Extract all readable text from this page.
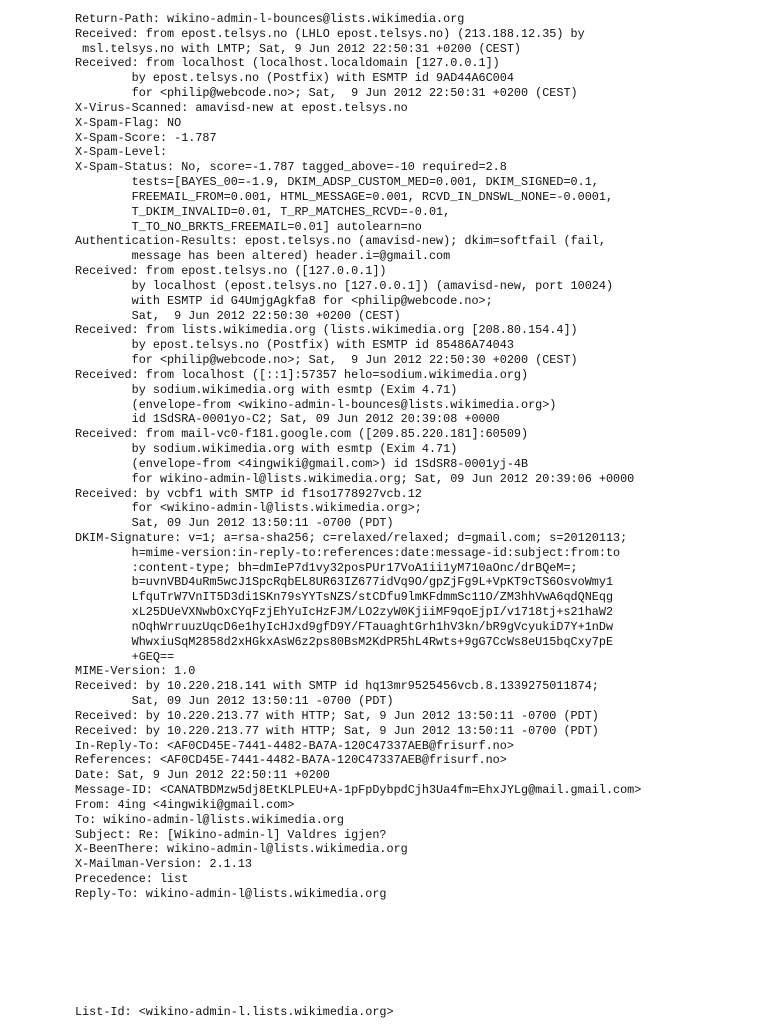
Return-Path: wikino-admin-l-bounces@lists.wikimedia.org
Received: from epost.telsys.no (LHLO epost.telsys.no) (213.188.12.35) by
msl.telsys.no with LMTP; Sat, 9 Jun 2012 22:50:31 +0200 (CEST)
Received: from localhost (localhost.localdomain [127.0.0.1])
by epost.telsys.no (Postfix) with ESMTP id 9AD44A6C004
for <philip@webcode.no>; Sat,  9 Jun 2012 22:50:31 +0200 (CEST)
X-Virus-Scanned: amavisd-new at epost.telsys.no
X-Spam-Flag: NO
X-Spam-Score: -1.787
X-Spam-Level:
X-Spam-Status: No, score=-1.787 tagged_above=-10 required=2.8
tests=[BAYES_00=-1.9, DKIM_ADSP_CUSTOM_MED=0.001, DKIM_SIGNED=0.1,
FREEMAIL_FROM=0.001, HTML_MESSAGE=0.001, RCVD_IN_DNSWL_NONE=-0.0001,
T_DKIM_INVALID=0.01, T_RP_MATCHES_RCVD=-0.01,
T_TO_NO_BRKTS_FREEMAIL=0.01] autolearn=no
Authentication-Results: epost.telsys.no (amavisd-new); dkim=softfail (fail,
message has been altered) header.i=@gmail.com
Received: from epost.telsys.no ([127.0.0.1])
by localhost (epost.telsys.no [127.0.0.1]) (amavisd-new, port 10024)
with ESMTP id G4UmjgAgkfa8 for <philip@webcode.no>;
Sat,  9 Jun 2012 22:50:30 +0200 (CEST)
Received: from lists.wikimedia.org (lists.wikimedia.org [208.80.154.4])
by epost.telsys.no (Postfix) with ESMTP id 85486A74043
for <philip@webcode.no>; Sat,  9 Jun 2012 22:50:30 +0200 (CEST)
Received: from localhost ([::1]:57357 helo=sodium.wikimedia.org)
by sodium.wikimedia.org with esmtp (Exim 4.71)
(envelope-from <wikino-admin-l-bounces@lists.wikimedia.org>)
id 1SdSRA-0001yo-C2; Sat, 09 Jun 2012 20:39:08 +0000
Received: from mail-vc0-f181.google.com ([209.85.220.181]:60509)
by sodium.wikimedia.org with esmtp (Exim 4.71)
(envelope-from <4ingwiki@gmail.com>) id 1SdSR8-0001yj-4B
for wikino-admin-l@lists.wikimedia.org; Sat, 09 Jun 2012 20:39:06 +0000
Received: by vcbf1 with SMTP id f1so1778927vcb.12
for <wikino-admin-l@lists.wikimedia.org>;
Sat, 09 Jun 2012 13:50:11 -0700 (PDT)
DKIM-Signature: v=1; a=rsa-sha256; c=relaxed/relaxed; d=gmail.com; s=20120113;
h=mime-version:in-reply-to:references:date:message-id:subject:from:to
:content-type; bh=dmIeP7d1vy32posPUr17VoA1ii1yM710aOnc/drBQeM=;
b=uvnVBD4uRm5wcJ1SpcRqbEL8UR63IZ677idVq9O/gpZjFg9L+VpKT9cTS6OsvoWmy1
LfquTrW7VnIT5D3di1SKn79sYYTsNZS/stCDfu9lmKFdmmSc11O/ZM3hhVwA6qdQNEqg
xL25DUeVXNwbOxCYqFzjEhYuIcHzFJM/LO2zyW0KjiiMF9qoEjpI/v1718tj+s21haW2
nOqhWrruuzUqcD6e1hyIcHJxd9gfD9Y/FTauaghtGrh1hV3kn/bR9gVcyukiD7Y+1nDw
WhwxiuSqM2858d2xHGkxAsW6z2ps80BsM2KdPR5hL4Rwts+9gG7CcWs8eU15bqCxy7pE
+GEQ==
MIME-Version: 1.0
Received: by 10.220.218.141 with SMTP id hq13mr9525456vcb.8.1339275011874;
Sat, 09 Jun 2012 13:50:11 -0700 (PDT)
Received: by 10.220.213.77 with HTTP; Sat, 9 Jun 2012 13:50:11 -0700 (PDT)
Received: by 10.220.213.77 with HTTP; Sat, 9 Jun 2012 13:50:11 -0700 (PDT)
In-Reply-To: <AF0CD45E-7441-4482-BA7A-120C47337AEB@frisurf.no>
References: <AF0CD45E-7441-4482-BA7A-120C47337AEB@frisurf.no>
Date: Sat, 9 Jun 2012 22:50:11 +0200
Message-ID: <CANATBDMzw5dj8EtKLPLEU+A-1pFpDybpdCjh3Ua4fm=EhxJYLg@mail.gmail.com>
From: 4ing <4ingwiki@gmail.com>
To: wikino-admin-l@lists.wikimedia.org
Subject: Re: [Wikino-admin-l] Valdres igjen?
X-BeenThere: wikino-admin-l@lists.wikimedia.org
X-Mailman-Version: 2.1.13
Precedence: list
Reply-To: wikino-admin-l@lists.wikimedia.org
List-Id: <wikino-admin-l.lists.wikimedia.org>
